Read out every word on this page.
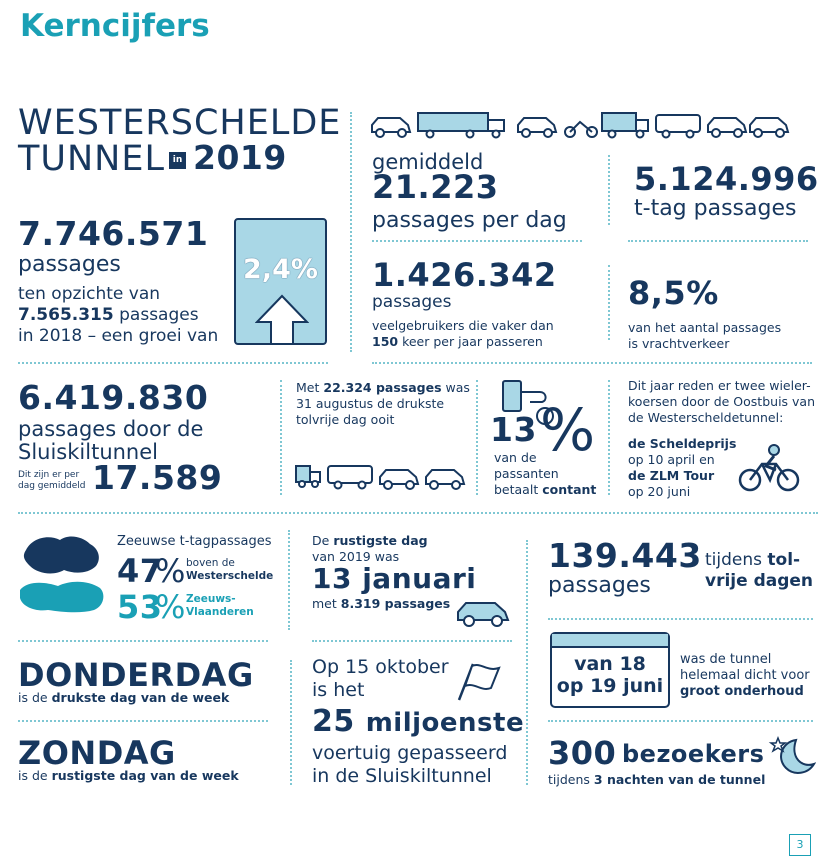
Kerncijfers
WESTERSCHELDE
TUNNEL in 2019
7.746.571
passages
ten opzichte van
7.565.315 passages
in 2018 – een groei van
2,4%
gemiddeld
21.223
passages per dag
5.124.996
t-tag passages
1.426.342
passages
veelgebruikers die vaker dan
150 keer per jaar passeren
8,5%
van het aantal passages
is vrachtverkeer
6.419.830
passages door de
Sluiskiltunnel
Dit zijn er per
dag gemiddeld 17.589
Met 22.324 passages was
31 augustus de drukste
tolvrije dag ooit	13 %
van de
passanten
betaalt contant
Dit jaar reden er twee wieler-
koersen door de Oostbuis van
de Westerscheldetunnel:
de Scheldeprijs
op 10 april en
de ZLM Tour
op 20 juni
Zeeuwse t-tagpassages
47
% boven de
Westerschelde
53
% Zeeuws-
Vlaanderen
De rustigste dag
van 2019 was
13 januari
met 8.319 passages
139.443
passages
tijdens tol-
vrije dagen
van 18
op 19 juni
was de tunnel
helemaal dicht voor
groot onderhoud
DONDERDAG
is de drukste dag van de week
ZONDAG
is de rustigste dag van de week
Op 15 oktober
is het
25 miljoenste
voertuig gepasseerd
in de Sluiskiltunnel
300 bezoekers
tijdens 3 nachten van de tunnel
3
